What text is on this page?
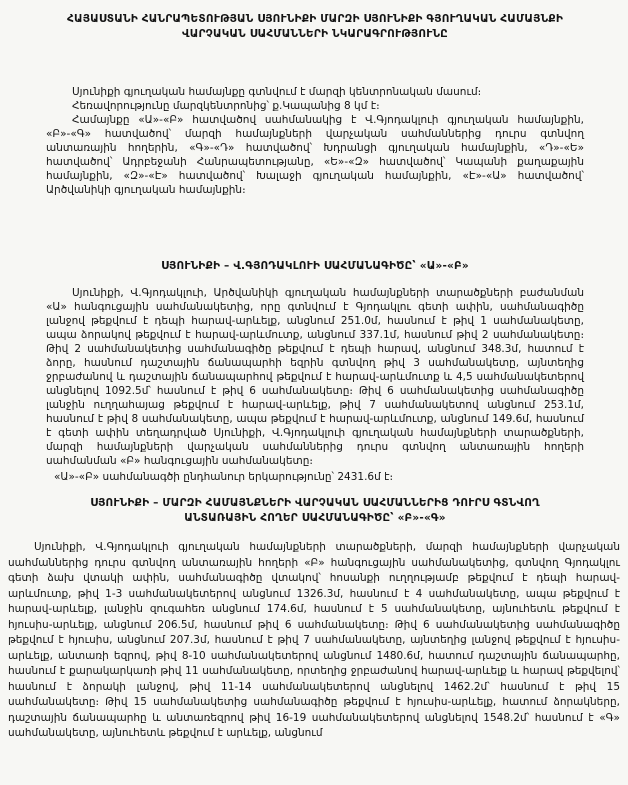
ՀԱՅԱՍՏԱՆԻ ՀԱՆՐԱՊԵՏՈՒԹՅԱՆ ՍՅՈՒՆԻՔԻ ՄԱՐԶԻ ՍՅՈՒՆԻՔԻ ԳՅՈՒՂԱԿԱՆ ՀԱՄԱՅՆՔԻ
ՎԱՐՉԱԿԱՆ ՍԱՀՄԱՆՆԵՐԻ ՆԿԱՐԱԳՐՈՒԹՅՈՒՆԸ

Սյունիքի գյուղական համայնքը գտնվում է մարզի կենտրոնական մասում։

Հեռավորությունը մարզկենտրոնից՝ ք.Կապանից 8 կմ է։

Համայնքը «Ա»-«Բ» հատվածով սահմանակից է Վ.Գյոդակլուի գյուղական համայնքին, «Բ»-«Գ» հատվածով՝ մարզի համայնքների վարչական սահմաններից դուրս գտնվող անտառային հողերին, «Գ»-«Դ» հատվածով՝ Խդրանցի գյուղական համայնքին, «Դ»-«Ե» հատվածով՝ Ադրբեջանի Հանրապետությանը, «Ե»-«Զ» հատվածով՝ Կապանի քաղաքային համայնքին, «Զ»-«Է» հատվածով՝ Խալաջի գյուղական համայնքին, «Է»-«Ա» հատվածով՝ Արծվանիկի գյուղական համայնքին։

ՍՅՈՒՆԻՔԻ – Վ.ԳՅՈԴԱԿԼՈՒԻ ՍԱՀՄԱՆԱԳԻԾԸ՝ «Ա»-«Բ»

Սյունիքի, Վ.Գյոդակլուի, Արծվանիկի գյուղական համայնքների տարածքների բաժանման «Ա» հանգուցային սահմանակետից, որը գտնվում է Գյոդակլու գետի ափին, սահմանագիծը լանջով թեքվում է դեպի հարավ-արևելք, անցնում 251.0մ, հասնում է թիվ 1 սահմանակետը, ապա ձորակով թեքվում է հարավ-արևմուտք, անցնում 337.1մ, հասնում թիվ 2 սահմանակետը։ Թիվ 2 սահմանակետից սահմանագիծը թեքվում է դեպի հարավ, անցնում 348.3մ, հատում է ձորը, հասնում դաշտային ճանապարհի եզրին գտնվող թիվ 3 սահմանակետը, այնտեղից ջրբաժանով և դաշտային ճանապարհով թեքվում է հարավ-արևմուտք և 4,5 սահմանակետերով անցնելով 1092.5մ՝ հասնում է թիվ 6 սահմանակետը։ Թիվ 6 սահմանակետից սահմանագիծը լանջին ուղղահայաց թեքվում է հարավ-արևելք, թիվ 7 սահմանակետով անցնում 253.1մ, հասնում է թիվ 8 սահմանակետը, ապա թեքվում է հարավ-արևմուտք, անցնում 149.6մ, հասնում է գետի ափին տեղադրված Սյունիքի, Վ.Գյոդակլուի գյուղական համայնքների տարածքների, մարզի համայնքների վարչական սահմաններից դուրս գտնվող անտառային հողերի սահմանման «Բ» հանգուցային սահմանակետը։

«Ա»-«Բ» սահմանագծի ընդհանուր երկարությունը՝ 2431.6մ է։

ՍՅՈՒՆԻՔԻ – ՄԱՐԶԻ ՀԱՄԱՅՆՔՆԵՐԻ ՎԱՐՉԱԿԱՆ ՍԱՀՄԱՆՆԵՐԻՑ ԴՈՒՐՍ ԳՏՆՎՈՂ

ԱՆՏԱՌԱՅԻՆ ՀՈՂԵՐ ՍԱՀՄԱՆԱԳԻԾԸ՝ «Բ»-«Գ»

Սյունիքի, Վ.Գյոդակլուի գյուղական համայնքների տարածքների, մարզի համայնքների վարչական սահմաններից դուրս գտնվող անտառային հողերի «Բ» հանգուցային սահմանակետից, գտնվող Գյոդակլու գետի ձախ վտակի ափին, սահմանագիծը վտակով՝ հոսանքի ուղղությամբ թեքվում է դեպի հարավ-արևմուտք, թիվ 1-3 սահմանակետերով անցնում 1326.3մ, հասնում է 4 սահմանակետը, ապա թեքվում է հարավ-արևելք, լանջին զուգահեռ անցնում 174.6մ, հասնում է 5 սահմանակետը, այնուհետև թեքվում է հյուսիս-արևելք, անցնում 206.5մ, հասնում թիվ 6 սահմանակետը։ Թիվ 6 սահմանակետից սահմանագիծը թեքվում է հյուսիս, անցնում 207.3մ, հասնում է թիվ 7 սահմանակետը, այնտեղից լանջով թեքվում է հյուսիս-արևելք, անտառի եզրով, թիվ 8-10 սահմանակետերով անցնում 1480.6մ, հատում դաշտային ճանապարհը, հասնում է քարակարկառի թիվ 11 սահմանակետը, որտեղից ջրբաժանով հարավ-արևելք և հարավ թեքվելով՝ հասնում է ձորակի լանջով, թիվ 11-14 սահմանակետերով անցնելով 1462.2մ՝ հասնում է թիվ 15 սահմանակետը։ Թիվ 15 սահմանակետից սահմանագիծը թեքվում է հյուսիս-արևելք, հատում ձորակները, դաշտային ճանապարհը և անտառեզրով թիվ 16-19 սահմանակետերով անցնելով 1548.2մ՝ հասնում է «Գ» սահմանակետը, այնուհետև թեքվում է արևելք, անցնում
